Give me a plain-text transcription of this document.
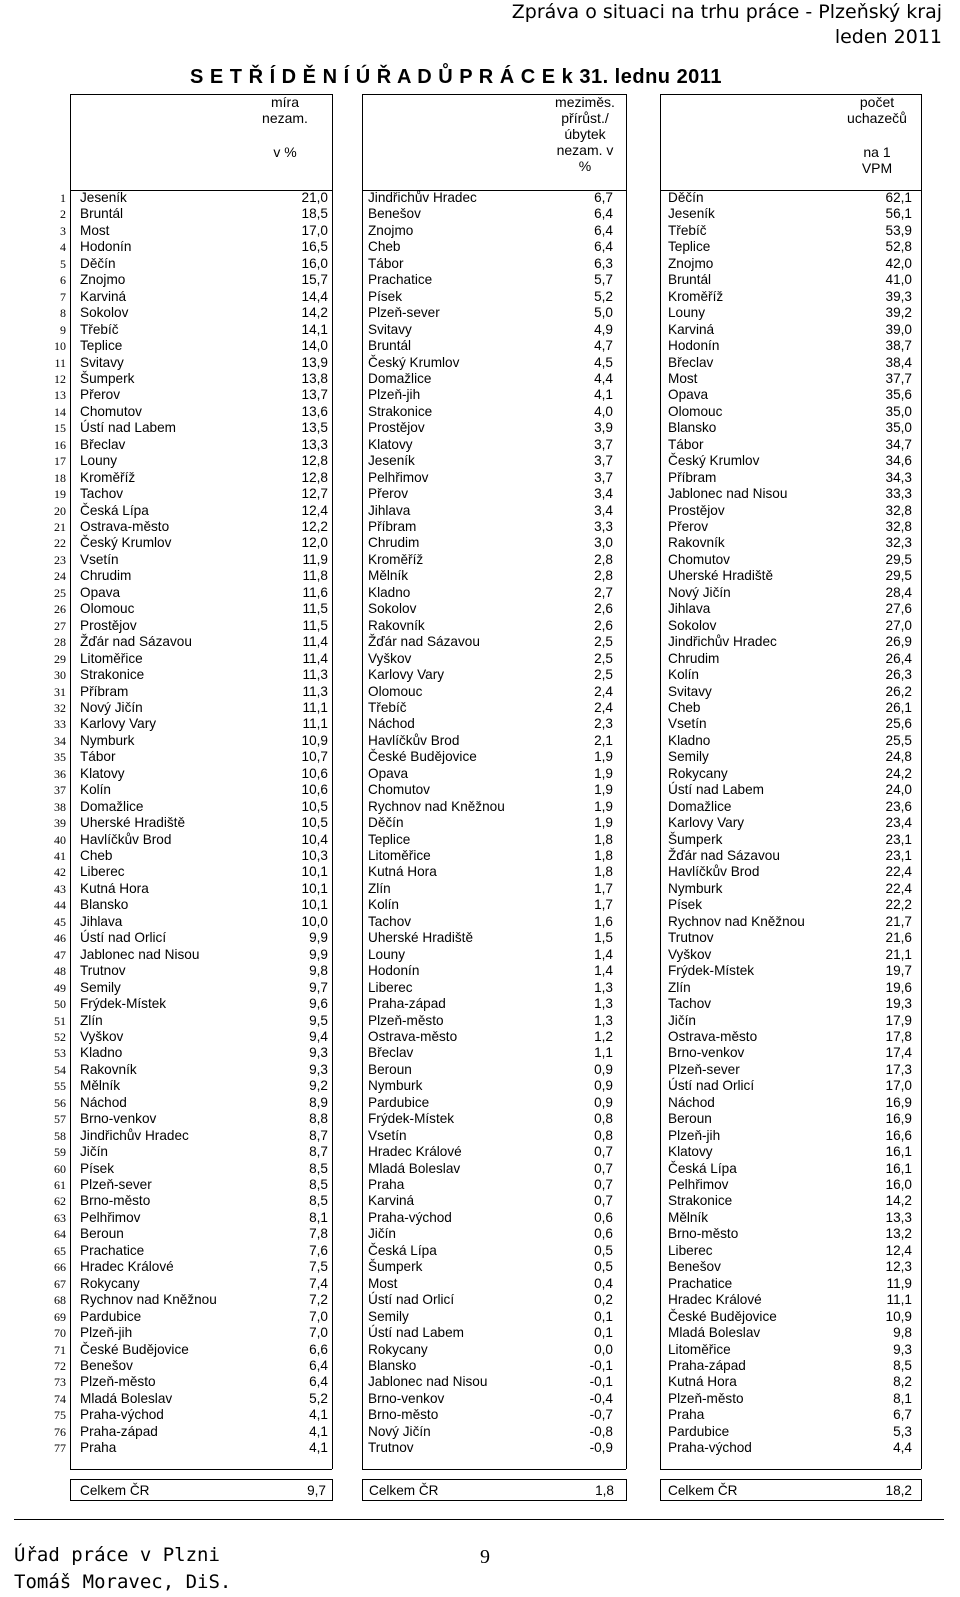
Zpráva o situaci na trhu práce - Plzeňský kraj
leden 2011
S E T Ř Í D Ě N Í Ú Ř A D Ů P R Á C E k 31. lednu 2011
míra
nezam.
v %
meziměs.
přírůst./
úbytek
nezam. v
%
počet
uchazečů
na 1
VPM
1 Jeseník	21,0	Jindřichův Hradec	6,7	Děčín	62,1
2 Bruntál	18,5	Benešov	6,4	Jeseník	56,1
3 Most	17,0	Znojmo	6,4	Třebíč	53,9
4 Hodonín	16,5	Cheb	6,4	Teplice	52,8
5 Děčín	16,0	Tábor	6,3	Znojmo	42,0
6 Znojmo	15,7	Prachatice	5,7	Bruntál	41,0
7 Karviná	14,4	Písek	5,2	Kroměříž	39,3
8 Sokolov	14,2	Plzeň-sever	5,0	Louny	39,2
9 Třebíč	14,1	Svitavy	4,9	Karviná	39,0
10 Teplice	14,0	Bruntál	4,7	Hodonín	38,7
11 Svitavy	13,9	Český Krumlov	4,5	Břeclav	38,4
12 Šumperk	13,8	Domažlice	4,4	Most	37,7
13 Přerov	13,7	Plzeň-jih	4,1	Opava	35,6
14 Chomutov	13,6	Strakonice	4,0	Olomouc	35,0
15 Ústí nad Labem	13,5	Prostějov	3,9	Blansko	35,0
16 Břeclav	13,3	Klatovy	3,7	Tábor	34,7
17 Louny	12,8	Jeseník	3,7	Český Krumlov	34,6
18 Kroměříž	12,8	Pelhřimov	3,7	Příbram	34,3
19 Tachov	12,7	Přerov	3,4	Jablonec nad Nisou	33,3
20 Česká Lípa	12,4	Jihlava	3,4	Prostějov	32,8
21 Ostrava-město	12,2	Příbram	3,3	Přerov	32,8
22 Český Krumlov	12,0	Chrudim	3,0	Rakovník	32,3
23 Vsetín	11,9	Kroměříž	2,8	Chomutov	29,5
24 Chrudim	11,8	Mělník	2,8	Uherské Hradiště	29,5
25 Opava	11,6	Kladno	2,7	Nový Jičín	28,4
26 Olomouc	11,5	Sokolov	2,6	Jihlava	27,6
27 Prostějov	11,5	Rakovník	2,6	Sokolov	27,0
28 Žďár nad Sázavou	11,4	Žďár nad Sázavou	2,5	Jindřichův Hradec	26,9
29 Litoměřice	11,4	Vyškov	2,5	Chrudim	26,4
30 Strakonice	11,3	Karlovy Vary	2,5	Kolín	26,3
31 Příbram	11,3	Olomouc	2,4	Svitavy	26,2
32 Nový Jičín	11,1	Třebíč	2,4	Cheb	26,1
33 Karlovy Vary	11,1	Náchod	2,3	Vsetín	25,6
34 Nymburk	10,9	Havlíčkův Brod	2,1	Kladno	25,5
35 Tábor	10,7	České Budějovice	1,9	Semily	24,8
36 Klatovy	10,6	Opava	1,9	Rokycany	24,2
37 Kolín	10,6	Chomutov	1,9	Ústí nad Labem	24,0
38 Domažlice	10,5	Rychnov nad Kněžnou	1,9	Domažlice	23,6
39 Uherské Hradiště	10,5	Děčín	1,9	Karlovy Vary	23,4
40 Havlíčkův Brod	10,4	Teplice	1,8	Šumperk	23,1
41 Cheb	10,3	Litoměřice	1,8	Žďár nad Sázavou	23,1
42 Liberec	10,1	Kutná Hora	1,8	Havlíčkův Brod	22,4
43 Kutná Hora	10,1	Zlín	1,7	Nymburk	22,4
44 Blansko	10,1	Kolín	1,7	Písek	22,2
45 Jihlava	10,0	Tachov	1,6	Rychnov nad Kněžnou	21,7
46 Ústí nad Orlicí	9,9	Uherské Hradiště	1,5	Trutnov	21,6
47 Jablonec nad Nisou	9,9	Louny	1,4	Vyškov	21,1
48 Trutnov	9,8	Hodonín	1,4	Frýdek-Místek	19,7
49 Semily	9,7	Liberec	1,3	Zlín	19,6
50 Frýdek-Místek	9,6	Praha-západ	1,3	Tachov	19,3
51 Zlín	9,5	Plzeň-město	1,3	Jičín	17,9
52 Vyškov	9,4	Ostrava-město	1,2	Ostrava-město	17,8
53 Kladno	9,3	Břeclav	1,1	Brno-venkov	17,4
54 Rakovník	9,3	Beroun	0,9	Plzeň-sever	17,3
55 Mělník	9,2	Nymburk	0,9	Ústí nad Orlicí	17,0
56 Náchod	8,9	Pardubice	0,9	Náchod	16,9
57 Brno-venkov	8,8	Frýdek-Místek	0,8	Beroun	16,9
58 Jindřichův Hradec	8,7	Vsetín	0,8	Plzeň-jih	16,6
59 Jičín	8,7	Hradec Králové	0,7	Klatovy	16,1
60 Písek	8,5	Mladá Boleslav	0,7	Česká Lípa	16,1
61 Plzeň-sever	8,5	Praha	0,7	Pelhřimov	16,0
62 Brno-město	8,5	Karviná	0,7	Strakonice	14,2
63 Pelhřimov	8,1	Praha-východ	0,6	Mělník	13,3
64 Beroun	7,8	Jičín	0,6	Brno-město	13,2
65 Prachatice	7,6	Česká Lípa	0,5	Liberec	12,4
66 Hradec Králové	7,5	Šumperk	0,5	Benešov	12,3
67 Rokycany	7,4	Most	0,4	Prachatice	11,9
68 Rychnov nad Kněžnou	7,2	Ústí nad Orlicí	0,2	Hradec Králové	11,1
69 Pardubice	7,0	Semily	0,1	České Budějovice	10,9
70 Plzeň-jih	7,0	Ústí nad Labem	0,1	Mladá Boleslav	9,8
71 České Budějovice	6,6	Rokycany	0,0	Litoměřice	9,3
72 Benešov	6,4	Blansko	-0,1	Praha-západ	8,5
73 Plzeň-město	6,4	Jablonec nad Nisou	-0,1	Kutná Hora	8,2
74 Mladá Boleslav	5,2	Brno-venkov	-0,4	Plzeň-město	8,1
75 Praha-východ	4,1	Brno-město	-0,7	Praha	6,7
76 Praha-západ	4,1	Nový Jičín	-0,8	Pardubice	5,3
77 Praha	4,1	Trutnov	-0,9	Praha-východ	4,4
Celkem ČR	9,7	Celkem ČR	1,8	Celkem ČR	18,2
Úřad práce v Plzni
Tomáš Moravec, DiS.
9
